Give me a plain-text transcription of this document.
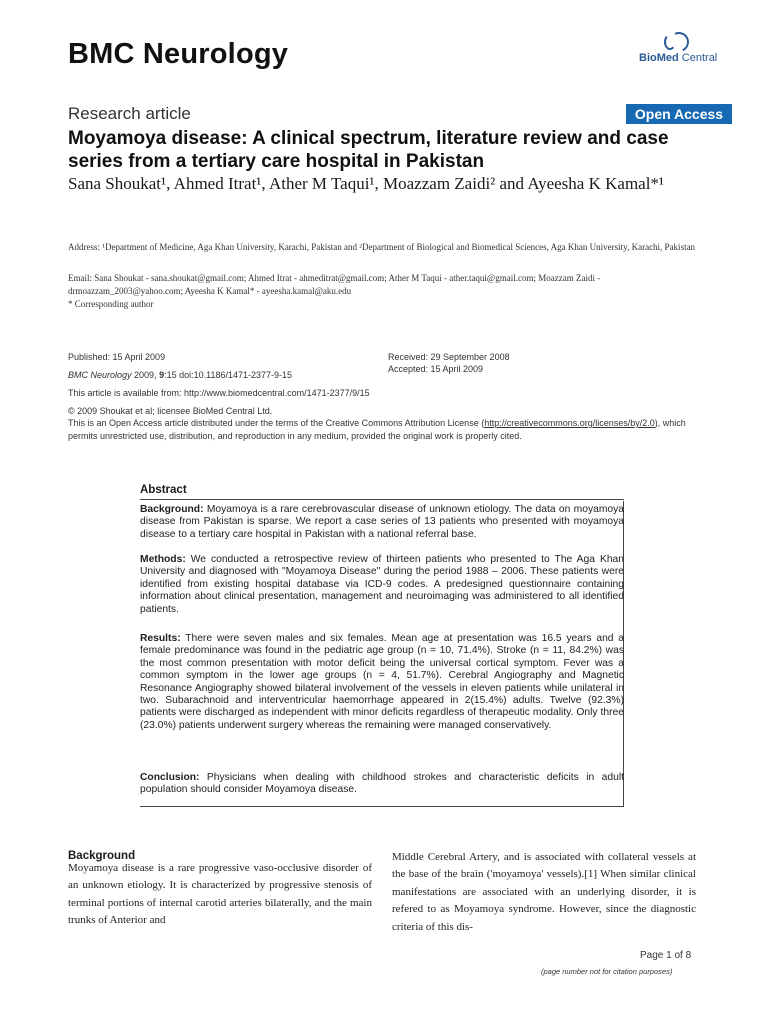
BMC Neurology	BioMed Central
Research article	Open Access
Moyamoya disease: A clinical spectrum, literature review and case series from a tertiary care hospital in Pakistan
Sana Shoukat¹, Ahmed Itrat¹, Ather M Taqui¹, Moazzam Zaidi² and Ayeesha K Kamal*¹
Address: ¹Department of Medicine, Aga Khan University, Karachi, Pakistan and ²Department of Biological and Biomedical Sciences, Aga Khan University, Karachi, Pakistan
Email: Sana Shoukat - sana.shoukat@gmail.com; Ahmed Itrat - ahmeditrat@gmail.com; Ather M Taqui - ather.taqui@gmail.com; Moazzam Zaidi - drmoazzam_2003@yahoo.com; Ayeesha K Kamal* - ayeesha.kamal@aku.edu
* Corresponding author
Published: 15 April 2009
BMC Neurology 2009, 9:15 doi:10.1186/1471-2377-9-15
Received: 29 September 2008
Accepted: 15 April 2009
This article is available from: http://www.biomedcentral.com/1471-2377/9/15
© 2009 Shoukat et al; licensee BioMed Central Ltd.
This is an Open Access article distributed under the terms of the Creative Commons Attribution License (http://creativecommons.org/licenses/by/2.0), which permits unrestricted use, distribution, and reproduction in any medium, provided the original work is properly cited.
Abstract
Background: Moyamoya is a rare cerebrovascular disease of unknown etiology. The data on moyamoya disease from Pakistan is sparse. We report a case series of 13 patients who presented with moyamoya disease to a tertiary care hospital in Pakistan with a national referral base.
Methods: We conducted a retrospective review of thirteen patients who presented to The Aga Khan University and diagnosed with "Moyamoya Disease" during the period 1988 – 2006. These patients were identified from existing hospital database via ICD-9 codes. A predesigned questionnaire containing information about clinical presentation, management and neuroimaging was administered to all identified patients.
Results: There were seven males and six females. Mean age at presentation was 16.5 years and a female predominance was found in the pediatric age group (n = 10, 71.4%). Stroke (n = 11, 84.2%) was the most common presentation with motor deficit being the universal cortical symptom. Fever was a common symptom in the lower age groups (n = 4, 51.7%). Cerebral Angiography and Magnetic Resonance Angiography showed bilateral involvement of the vessels in eleven patients while unilateral in two. Subarachnoid and interventricular haemorrhage appeared in 2(15.4%) adults. Twelve (92.3%) patients were discharged as independent with minor deficits regardless of therapeutic modality. Only three (23.0%) patients underwent surgery whereas the remaining were managed conservatively.
Conclusion: Physicians when dealing with childhood strokes and characteristic deficits in adult population should consider Moyamoya disease.
Background
Moyamoya disease is a rare progressive vaso-occlusive disorder of an unknown etiology. It is characterized by progressive stenosis of terminal portions of internal carotid arteries bilaterally, and the main trunks of Anterior and
Middle Cerebral Artery, and is associated with collateral vessels at the base of the brain ('moyamoya' vessels).[1] When similar clinical manifestations are associated with an underlying disorder, it is refered to as Moyamoya syndrome. However, since the diagnostic criteria of this dis-
Page 1 of 8
(page number not for citation purposes)
